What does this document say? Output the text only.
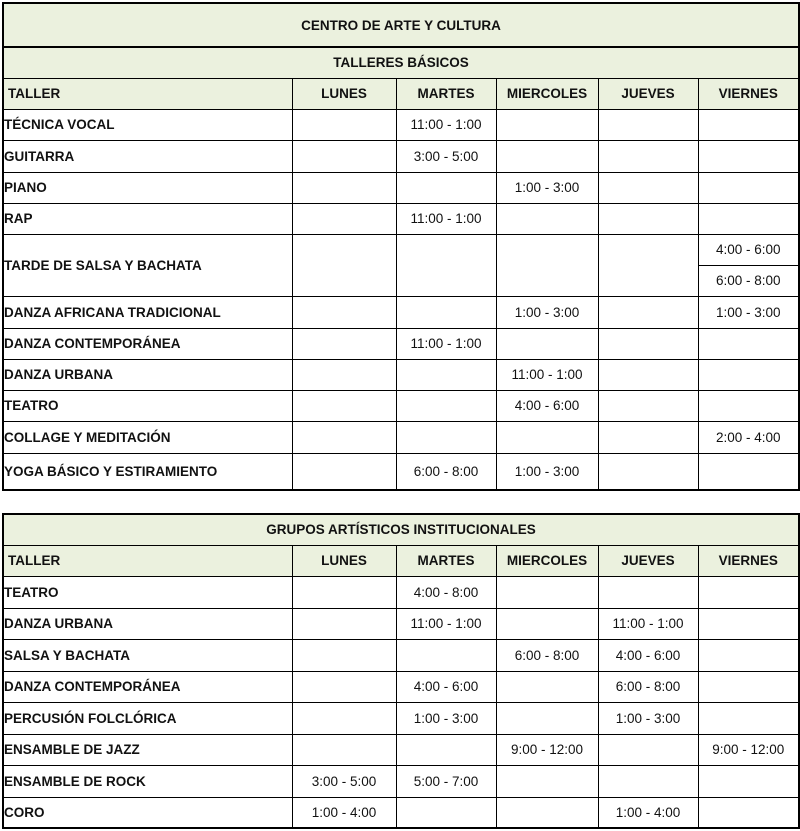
CENTRO DE ARTE Y CULTURA					
TALLERES BÁSICOS					
TALLER	LUNES	MARTES	MIERCOLES	JUEVES	VIERNES
TÉCNICA VOCAL		11:00 - 1:00			
GUITARRA		3:00 - 5:00			
PIANO			1:00 - 3:00		
RAP		11:00 - 1:00			
TARDE DE SALSA Y BACHATA					4:00 - 6:00
					6:00 - 8:00
DANZA AFRICANA TRADICIONAL			1:00 - 3:00		1:00 - 3:00
DANZA CONTEMPORÁNEA		11:00 - 1:00			
DANZA URBANA			11:00 - 1:00		
TEATRO			4:00 - 6:00		
COLLAGE Y MEDITACIÓN					2:00 - 4:00
YOGA BÁSICO Y ESTIRAMIENTO		6:00 - 8:00	1:00 - 3:00		
GRUPOS ARTÍSTICOS INSTITUCIONALES					
TALLER	LUNES	MARTES	MIERCOLES	JUEVES	VIERNES
TEATRO		4:00 - 8:00			
DANZA URBANA		11:00 - 1:00		11:00 - 1:00	
SALSA Y BACHATA			6:00 - 8:00	4:00 - 6:00	
DANZA CONTEMPORÁNEA		4:00 - 6:00		6:00 - 8:00	
PERCUSIÓN FOLCLÓRICA		1:00 - 3:00		1:00 - 3:00	
ENSAMBLE DE JAZZ			9:00 - 12:00		9:00 - 12:00
ENSAMBLE DE ROCK	3:00 - 5:00	5:00 - 7:00			
CORO	1:00 - 4:00			1:00 - 4:00	
